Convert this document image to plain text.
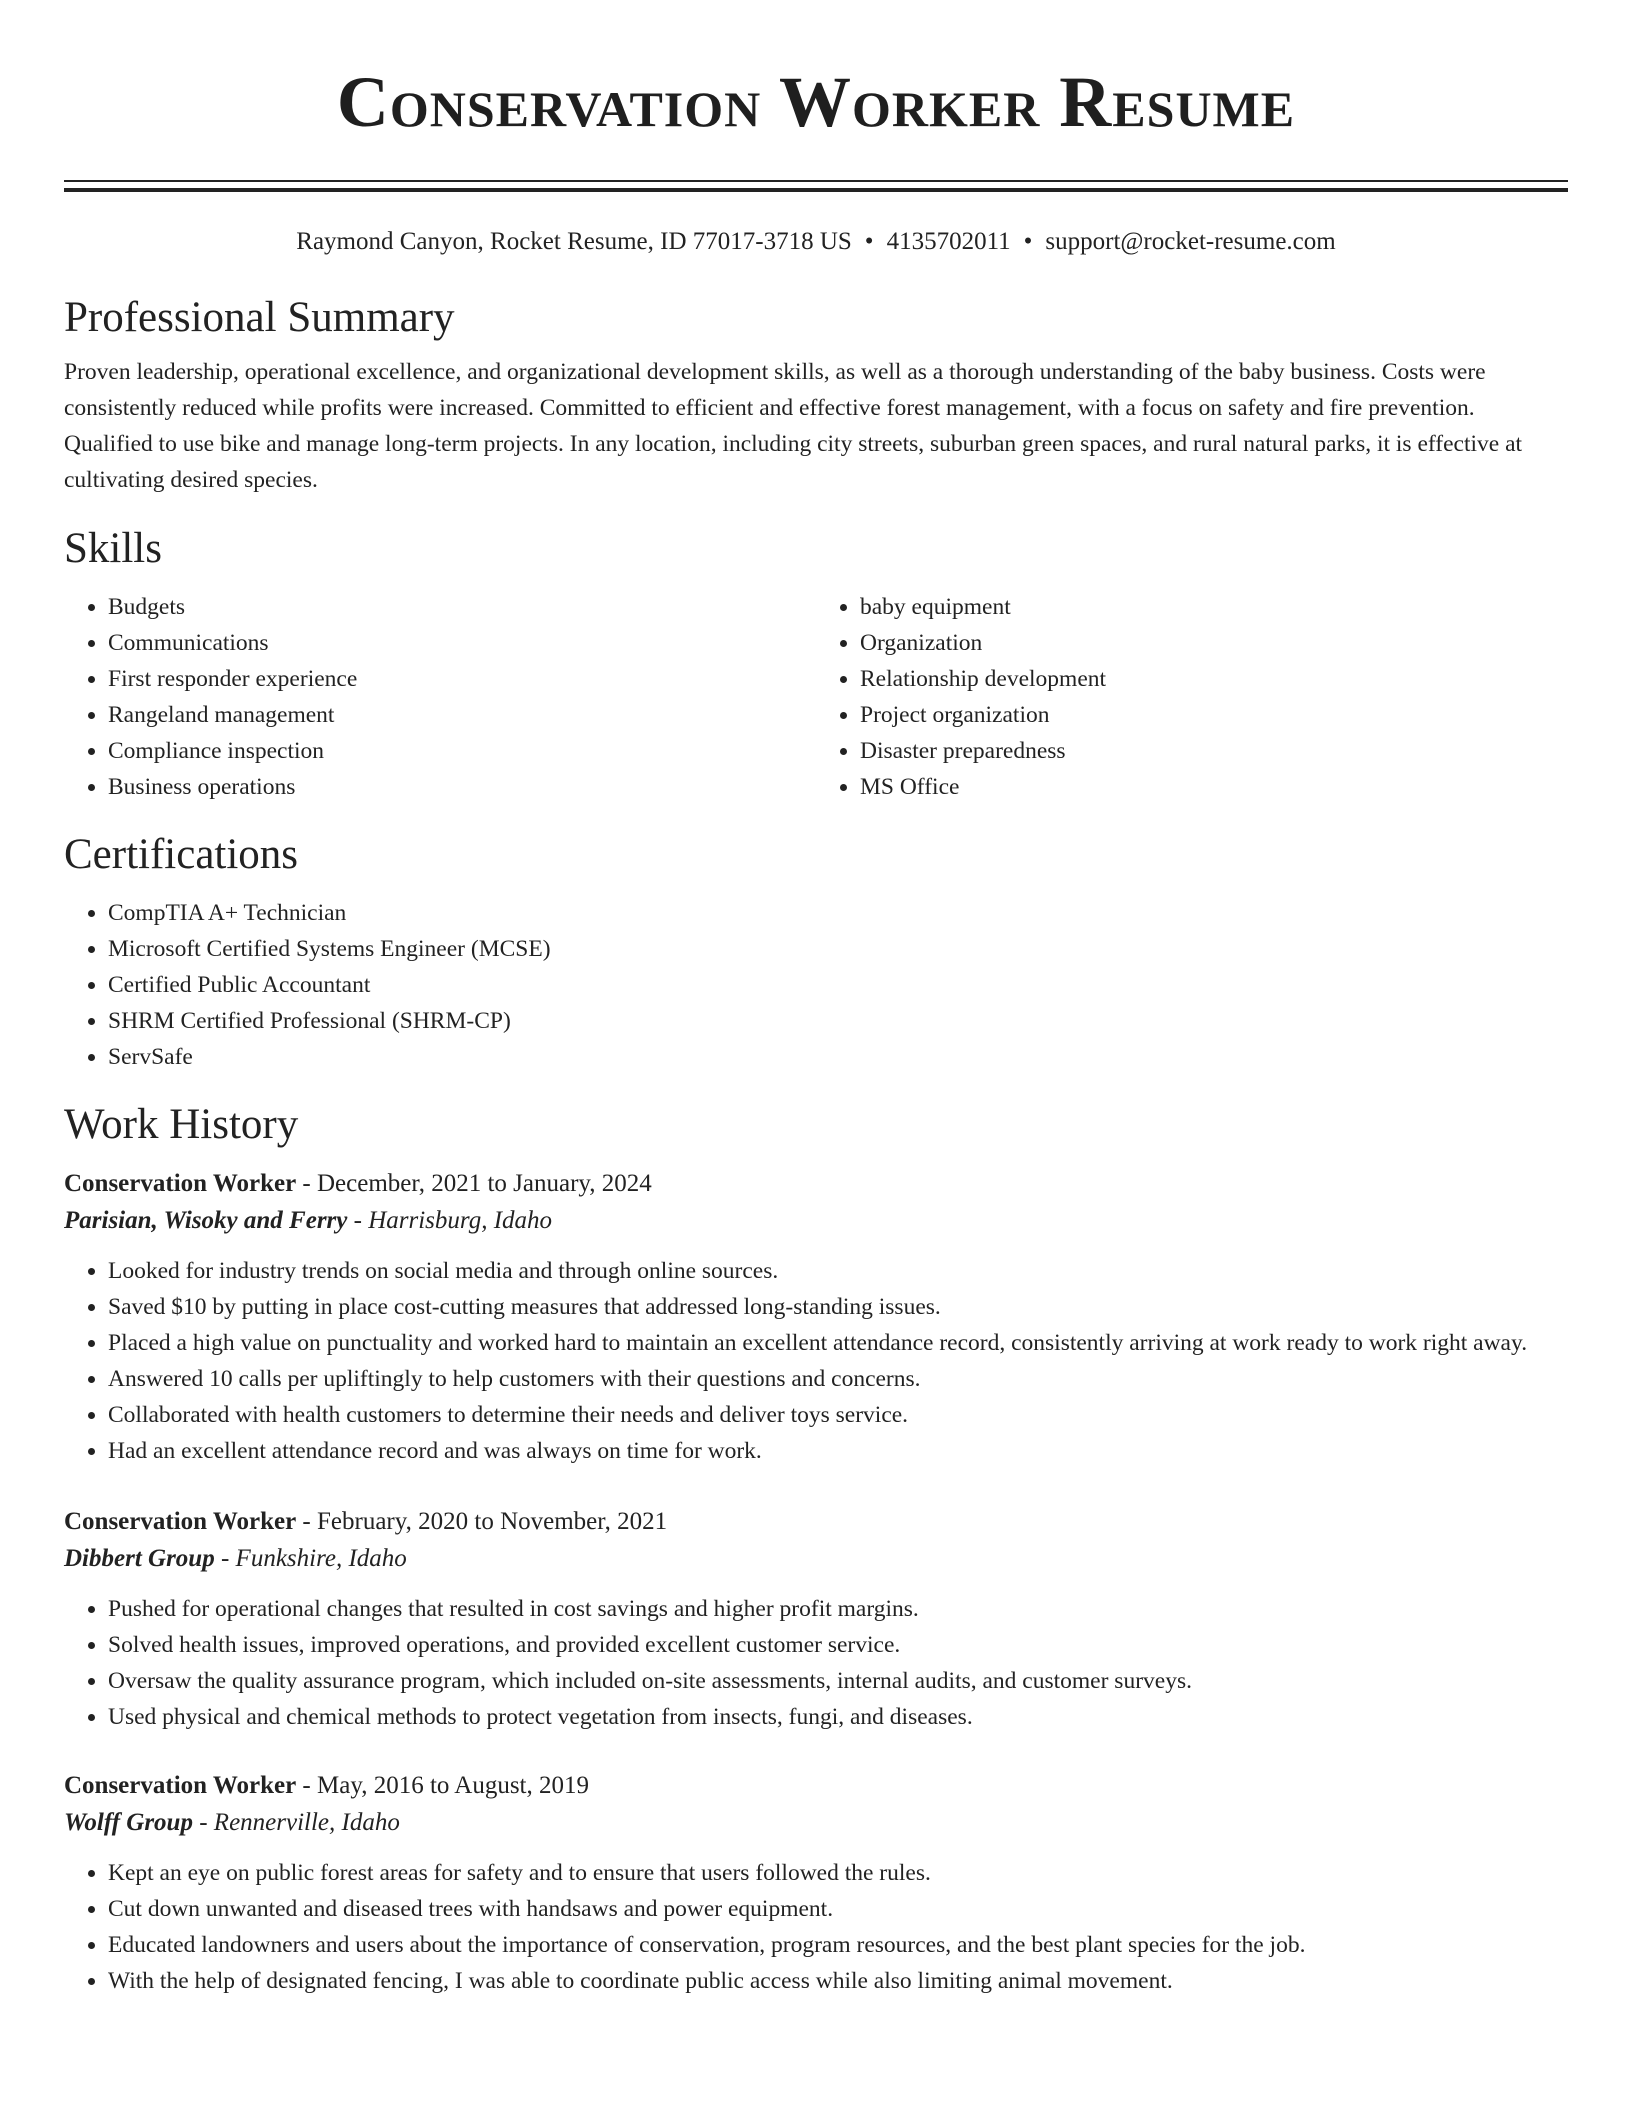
Conservation Worker Resume
Raymond Canyon, Rocket Resume, ID 77017-3718 US • 4135702011 • support@rocket-resume.com
Professional Summary

Proven leadership, operational excellence, and organizational development skills, as well as a thorough understanding of the baby business. Costs were consistently reduced while profits were increased. Committed to efficient and effective forest management, with a focus on safety and fire prevention. Qualified to use bike and manage long-term projects. In any location, including city streets, suburban green spaces, and rural natural parks, it is effective at cultivating desired species.

Skills
• Budgets
• Communications
• First responder experience
• Rangeland management
• Compliance inspection
• Business operations
• baby equipment
• Organization
• Relationship development
• Project organization
• Disaster preparedness
• MS Office
Certifications
• CompTIA A+ Technician
• Microsoft Certified Systems Engineer (MCSE)
• Certified Public Accountant
• SHRM Certified Professional (SHRM-CP)
• ServSafe
Work History
Conservation Worker - December, 2021 to January, 2024
Parisian, Wisoky and Ferry - Harrisburg, Idaho
• Looked for industry trends on social media and through online sources.
• Saved $10 by putting in place cost-cutting measures that addressed long-standing issues.
• Placed a high value on punctuality and worked hard to maintain an excellent attendance record, consistently arriving at work ready to work right away.
• Answered 10 calls per upliftingly to help customers with their questions and concerns.
• Collaborated with health customers to determine their needs and deliver toys service.
• Had an excellent attendance record and was always on time for work.
Conservation Worker - February, 2020 to November, 2021
Dibbert Group - Funkshire, Idaho
• Pushed for operational changes that resulted in cost savings and higher profit margins.
• Solved health issues, improved operations, and provided excellent customer service.
• Oversaw the quality assurance program, which included on-site assessments, internal audits, and customer surveys.
• Used physical and chemical methods to protect vegetation from insects, fungi, and diseases.
Conservation Worker - May, 2016 to August, 2019
Wolff Group - Rennerville, Idaho
• Kept an eye on public forest areas for safety and to ensure that users followed the rules.
• Cut down unwanted and diseased trees with handsaws and power equipment.
• Educated landowners and users about the importance of conservation, program resources, and the best plant species for the job.
• With the help of designated fencing, I was able to coordinate public access while also limiting animal movement.
